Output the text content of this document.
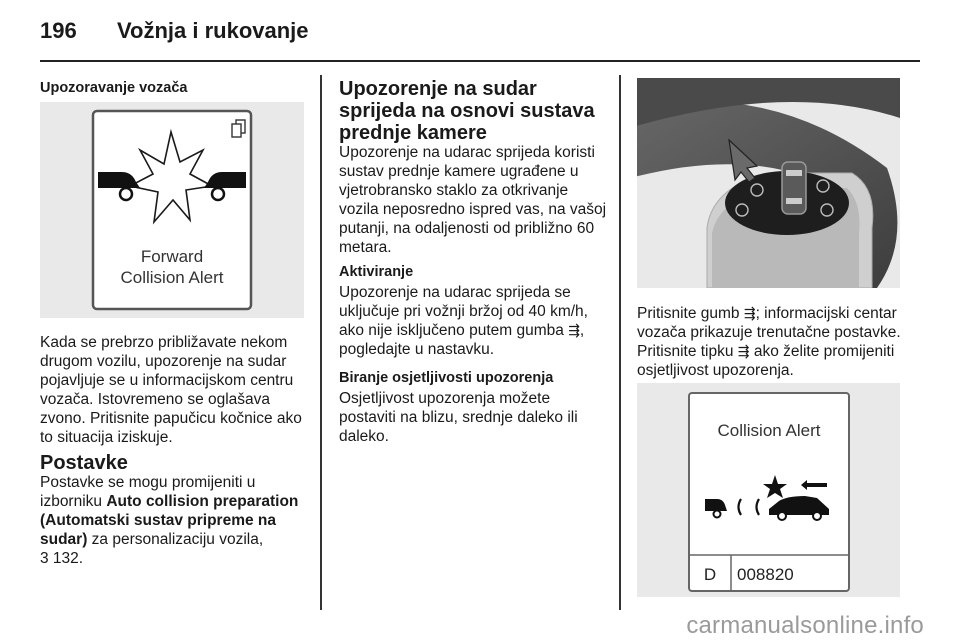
196 Vožnja i rukovanje
Upozoravanje vozača
Forward
Collision Alert
Kada se prebrzo približavate nekom drugom vozilu, upozorenje na sudar pojavljuje se u informacijskom centru vozača. Istovremeno se oglašava zvono. Pritisnite papučicu kočnice ako to situacija iziskuje.
Postavke
Postavke se mogu promijeniti u izborniku Auto collision preparation (Automatski sustav pripreme na sudar) za personalizaciju vozila,
3 132.
Upozorenje na sudar sprijeda na osnovi sustava prednje kamere
Upozorenje na udarac sprijeda koristi sustav prednje kamere ugrađene u vjetrobransko staklo za otkrivanje vozila neposredno ispred vas, na vašoj putanji, na odaljenosti od približno 60 metara.
Aktiviranje
Upozorenje na udarac sprijeda se uključuje pri vožnji bržoj od 40 km/h, ako nije isključeno putem gumba ⇶, pogledajte u nastavku.
Biranje osjetljivosti upozorenja
Osjetljivost upozorenja možete postaviti na blizu, srednje daleko ili daleko.
Pritisnite gumb ⇶; informacijski centar vozača prikazuje trenutačne postavke. Pritisnite tipku ⇶ ako želite promijeniti osjetljivost upozorenja.
Collision Alert
D 008820
carmanualsonline.info
